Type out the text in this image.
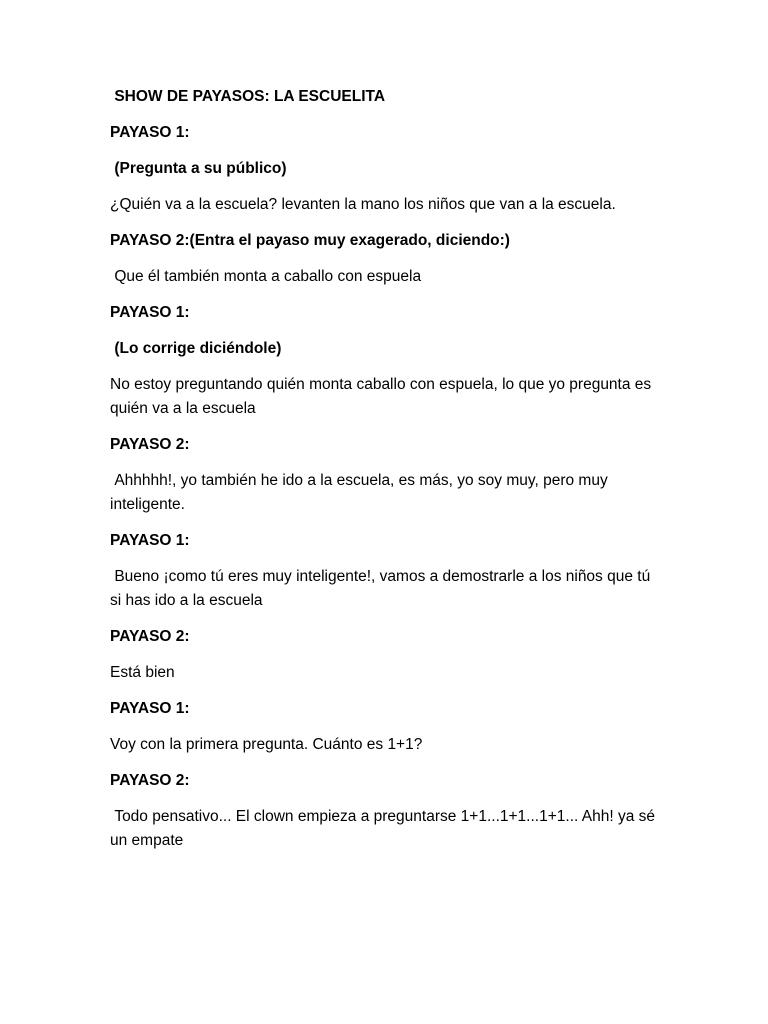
SHOW DE PAYASOS: LA ESCUELITA

PAYASO 1:

(Pregunta a su público)

¿Quién va a la escuela? levanten la mano los niños que van a la escuela.

PAYASO 2:(Entra el payaso muy exagerado, diciendo:)

Que él también monta a caballo con espuela

PAYASO 1:

(Lo corrige diciéndole)

No estoy preguntando quién monta caballo con espuela, lo que yo pregunta es quién va a la escuela

PAYASO 2:

Ahhhhh!, yo también he ido a la escuela, es más, yo soy muy, pero muy inteligente.

PAYASO 1:

Bueno ¡como tú eres muy inteligente!, vamos a demostrarle a los niños que tú si has ido a la escuela

PAYASO 2:

Está bien

PAYASO 1:

Voy con la primera pregunta. Cuánto es 1+1?

PAYASO 2:

Todo pensativo... El clown empieza a preguntarse 1+1...1+1...1+1... Ahh! ya sé un empate
